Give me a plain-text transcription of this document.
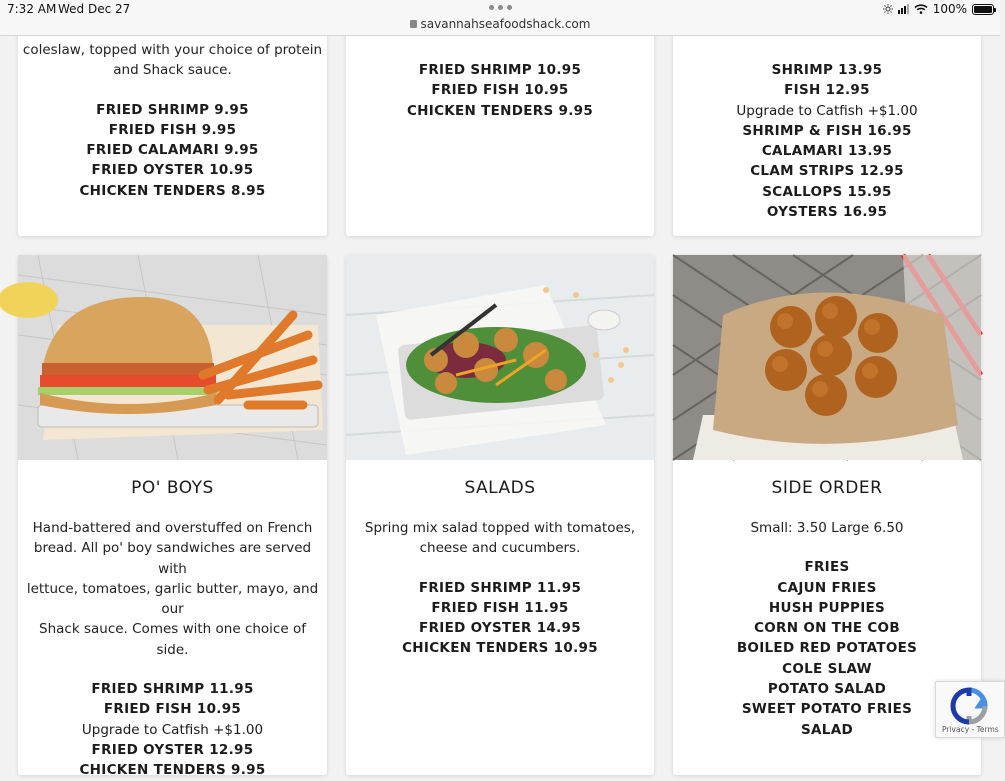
7:32 AM Wed Dec 27
savannahseafoodshack.com
100%
coleslaw, topped with your choice of protein
and Shack sauce.
FRIED SHRIMP 9.95
FRIED FISH 9.95
FRIED CALAMARI 9.95
FRIED OYSTER 10.95
CHICKEN TENDERS 8.95
FRIED SHRIMP 10.95
FRIED FISH 10.95
CHICKEN TENDERS 9.95
SHRIMP 13.95
FISH 12.95
Upgrade to Catfish +$1.00
SHRIMP & FISH 16.95
CALAMARI 13.95
CLAM STRIPS 12.95
SCALLOPS 15.95
OYSTERS 16.95
PO' BOYS
Hand-battered and overstuffed on French
bread. All po' boy sandwiches are served with
lettuce, tomatoes, garlic butter, mayo, and our
Shack sauce. Comes with one choice of side.
FRIED SHRIMP 11.95
FRIED FISH 10.95
Upgrade to Catfish +$1.00
FRIED OYSTER 12.95
CHICKEN TENDERS 9.95
SALADS
Spring mix salad topped with tomatoes,
cheese and cucumbers.
FRIED SHRIMP 11.95
FRIED FISH 11.95
FRIED OYSTER 14.95
CHICKEN TENDERS 10.95
SIDE ORDER
Small: 3.50 Large 6.50
FRIES
CAJUN FRIES
HUSH PUPPIES
CORN ON THE COB
BOILED RED POTATOES
COLE SLAW
POTATO SALAD
SWEET POTATO FRIES
SALAD	Privacy - Terms
